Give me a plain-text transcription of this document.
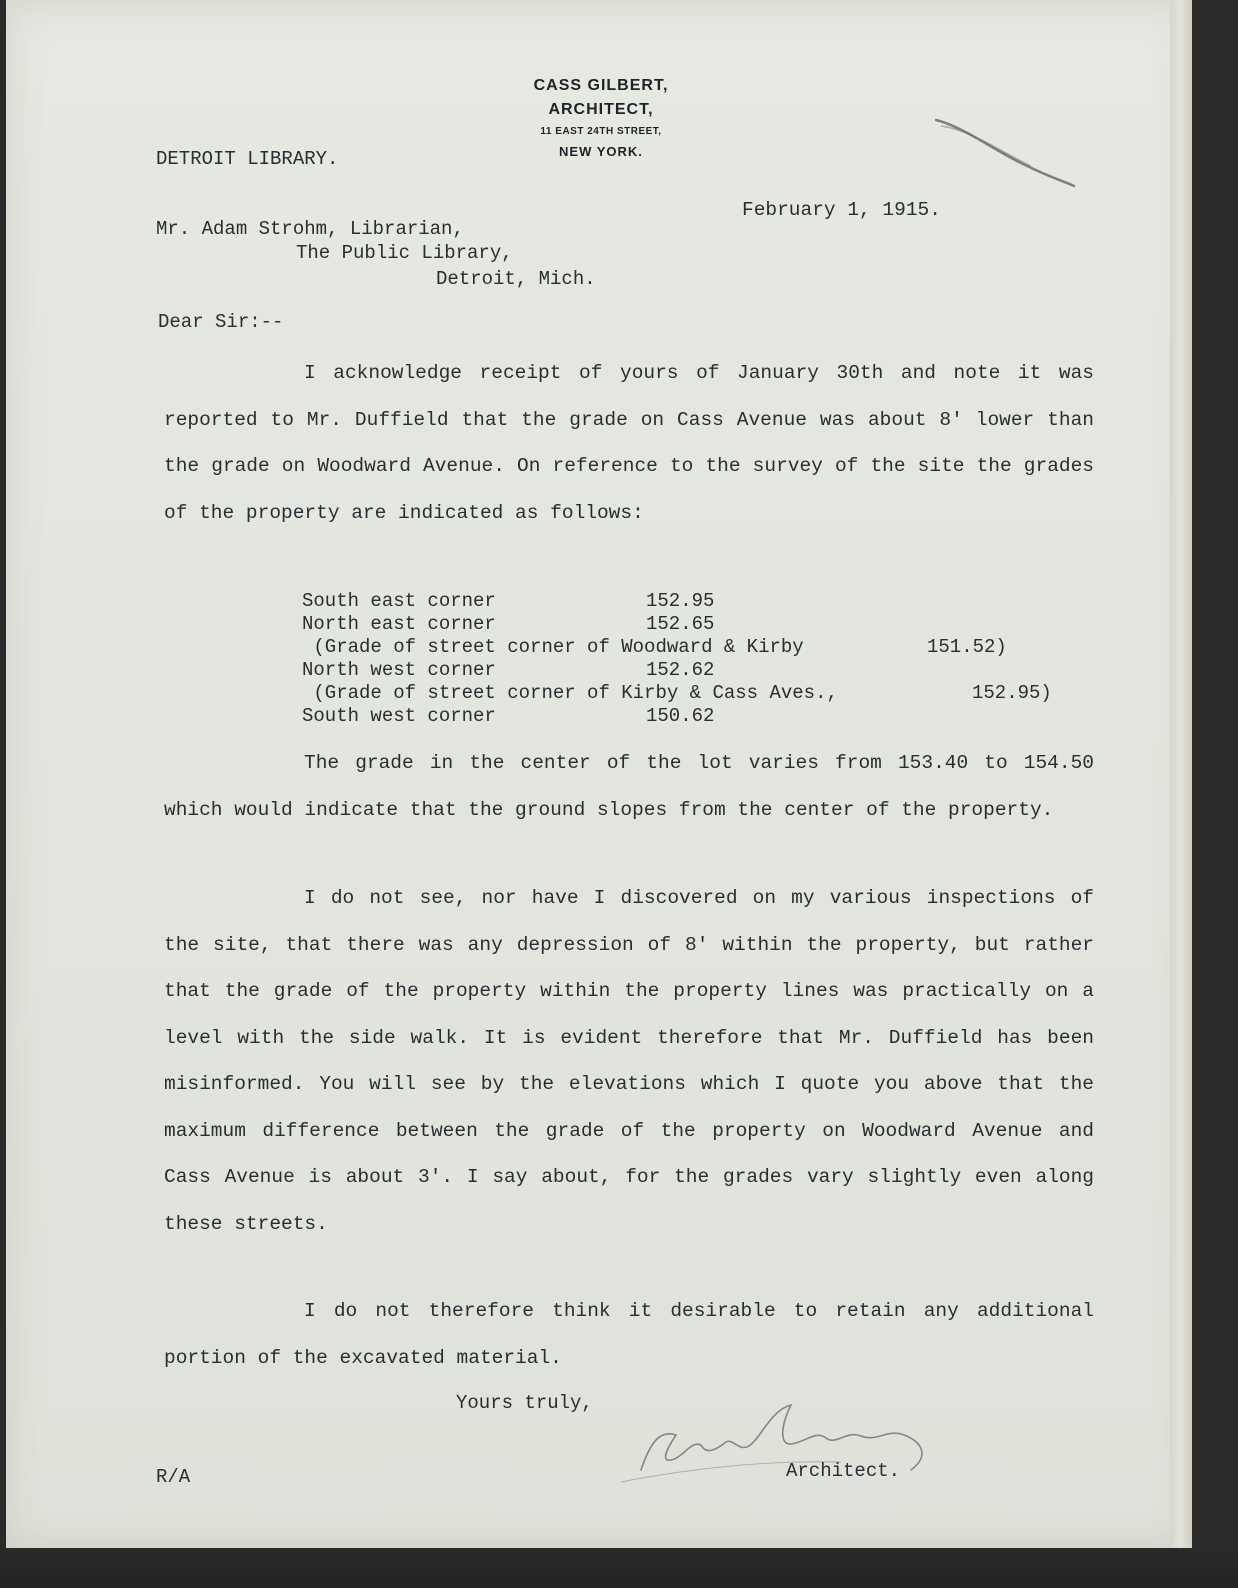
CASS GILBERT,
ARCHITECT,
11 EAST 24TH STREET,
NEW YORK.
DETROIT LIBRARY.
February 1, 1915.
Mr. Adam Strohm, Librarian,
The Public Library,
Detroit, Mich.
Dear Sir:--
I acknowledge receipt of yours of January 30th and note it was reported to Mr. Duffield that the grade on Cass Avenue was about 8' lower than the grade on Woodward Avenue. On reference to the survey of the site the grades of the property are indicated as follows:
South east corner	152.95
North east corner	152.65
(Grade of street corner of Woodward & Kirby	151.52)
North west corner	152.62
(Grade of street corner of Kirby & Cass Aves.,	152.95)
South west corner	150.62
The grade in the center of the lot varies from 153.40 to 154.50 which would indicate that the ground slopes from the center of the property.
I do not see, nor have I discovered on my various inspections of the site, that there was any depression of 8' within the property, but rather that the grade of the property within the property lines was practically on a level with the side walk. It is evident therefore that Mr. Duffield has been misinformed. You will see by the elevations which I quote you above that the maximum difference between the grade of the property on Woodward Avenue and Cass Avenue is about 3'. I say about, for the grades vary slightly even along these streets.
I do not therefore think it desirable to retain any additional portion of the excavated material.
Yours truly,
Architect.
R/A
